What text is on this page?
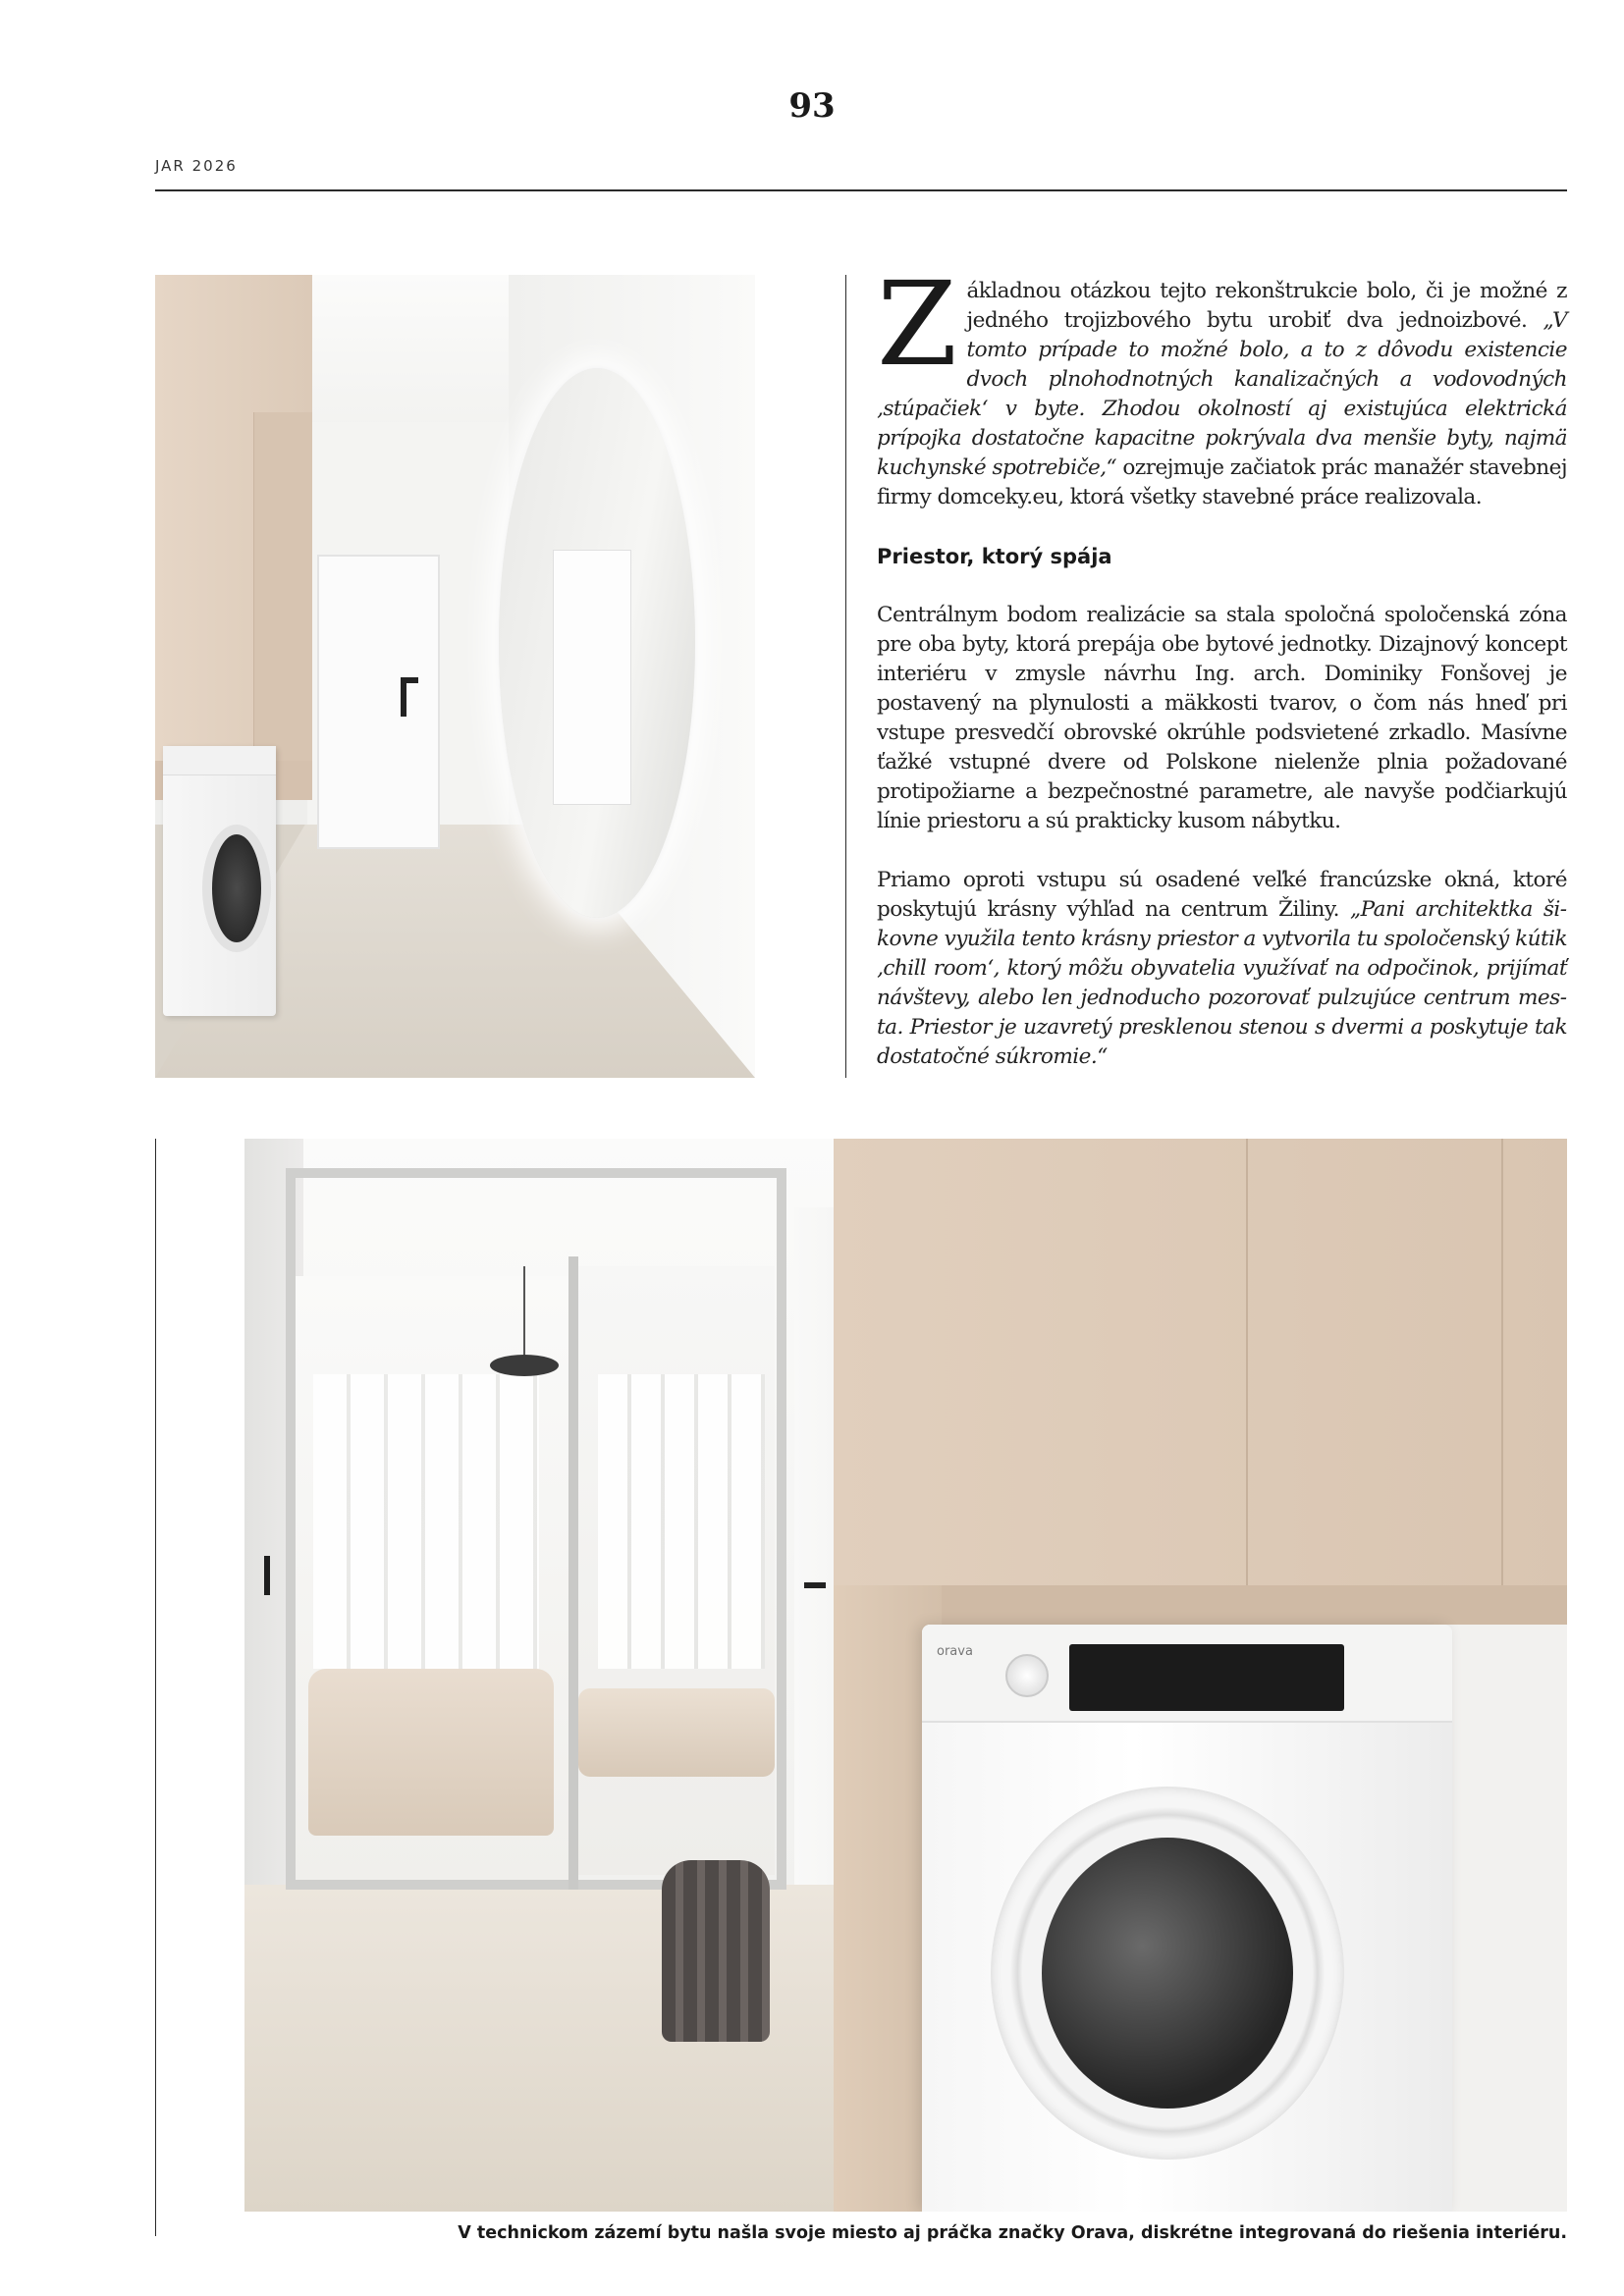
93
JAR 2026

Základnou otázkou tejto rekonštrukcie bolo, či je možné z jedného trojizbového bytu urobiť dva jednoizbové. „V tomto prípade to možné bolo, a to z dôvodu existencie dvoch plnohodnotných kanalizačných a vodovodných ‚stúpačiek‘ v byte. Zhodou okolností aj existujúca elektrická prípojka dostatočne kapacitne pokrývala dva menšie byty, najmä kuchynské spotrebiče,“ ozrejmuje začiatok prác manažér stavebnej firmy domceky.eu, ktorá všetky stavebné práce realizovala.

Priestor, ktorý spája

Centrálnym bodom realizácie sa stala spoločná spoločenská zóna pre oba byty, ktorá prepája obe bytové jednotky. Dizajnový koncept interiéru v zmysle návrhu Ing. arch. Dominiky Fonšovej je postavený na plynulosti a mäkkosti tvarov, o čom nás hneď pri vstupe presvedčí obrovské okrúhle podsvietené zrkadlo. Masívne ťažké vstupné dvere od Polskone nielenže plnia požadované protipožiarne a bezpečnostné parametre, ale navyše podčiarkujú línie priestoru a sú prakticky kusom nábytku.

Priamo oproti vstupu sú osadené veľké francúzske okná, ktoré poskytujú krásny výhľad na centrum Žiliny. „Pani architektka šikovne využila tento krásny priestor a vytvorila tu spoločenský kútik ‚chill room‘, ktorý môžu obyvatelia využívať na odpočinok, prijímať návštevy, alebo len jednoducho pozorovať pulzujúce centrum mesta. Priestor je uzavretý presklenou stenou s dvermi a poskytuje tak dostatočné súkromie.“

orava
V technickom zázemí bytu našla svoje miesto aj práčka značky Orava, diskrétne integrovaná do riešenia interiéru.
